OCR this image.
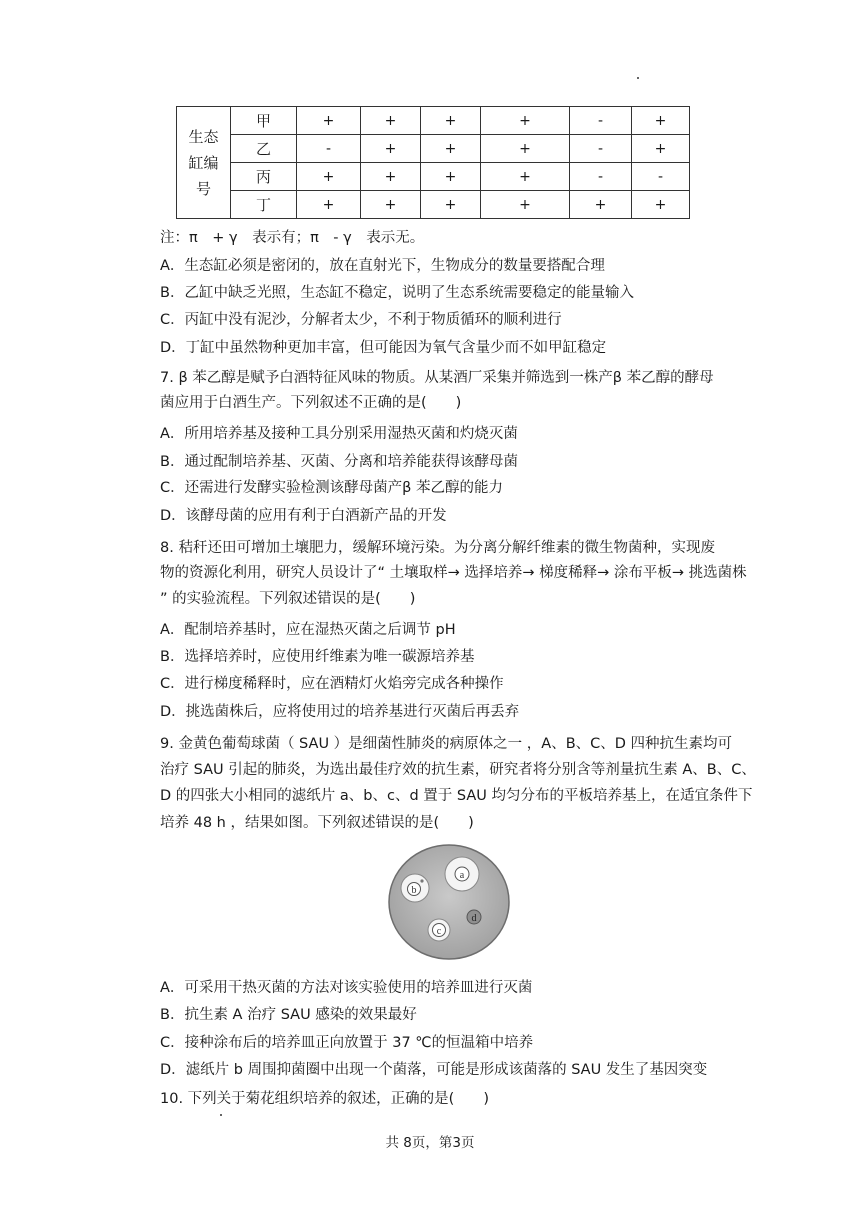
生态
缸编
号	甲	+	+	+	+	-	+
	乙	-	+	+	+	-	+
	丙	+	+	+	+	-	-
	丁	+	+	+	+	+	+
注：π　+ γ　表示有；π　- γ　表示无。
A．生态缸必须是密闭的，放在直射光下，生物成分的数量要搭配合理
B．乙缸中缺乏光照，生态缸不稳定，说明了生态系统需要稳定的能量输入
C．丙缸中没有泥沙，分解者太少，不利于物质循环的顺利进行
D．丁缸中虽然物种更加丰富，但可能因为氧气含量少而不如甲缸稳定
7. β 苯乙醇是赋予白酒特征风味的物质。从某酒厂采集并筛选到一株产β 苯乙醇的酵母
菌应用于白酒生产。下列叙述不正确的是(　　)
A．所用培养基及接种工具分别采用湿热灭菌和灼烧灭菌
B．通过配制培养基、灭菌、分离和培养能获得该酵母菌
C．还需进行发酵实验检测该酵母菌产β 苯乙醇的能力
D．该酵母菌的应用有利于白酒新产品的开发
8. 秸秆还田可增加土壤肥力，缓解环境污染。为分离分解纤维素的微生物菌种，实现废
物的资源化利用，研究人员设计了“ 土壤取样→ 选择培养→ 梯度稀释→ 涂布平板→ 挑选菌株
” 的实验流程。下列叙述错误的是(　　)
A．配制培养基时，应在湿热灭菌之后调节 pH
B．选择培养时，应使用纤维素为唯一碳源培养基
C．进行梯度稀释时，应在酒精灯火焰旁完成各种操作
D．挑选菌株后，应将使用过的培养基进行灭菌后再丢弃
9. 金黄色葡萄球菌（ SAU ）是细菌性肺炎的病原体之一 ，A、B、C、D 四种抗生素均可
治疗 SAU 引起的肺炎，为选出最佳疗效的抗生素，研究者将分别含等剂量抗生素 A、B、C、
D 的四张大小相同的滤纸片 a、b、c、d 置于 SAU 均匀分布的平板培养基上，在适宜条件下
培养 48 h ，结果如图。下列叙述错误的是(　　)
a
b
c
d
A．可采用干热灭菌的方法对该实验使用的培养皿进行灭菌
B．抗生素 A 治疗 SAU 感染的效果最好
C．接种涂布后的培养皿正向放置于 37 ℃的恒温箱中培养
D．滤纸片 b 周围抑菌圈中出现一个菌落，可能是形成该菌落的 SAU 发生了基因突变
10. 下列关于菊花组织培养的叙述，正确的是(　　)
共 8页，第3页
